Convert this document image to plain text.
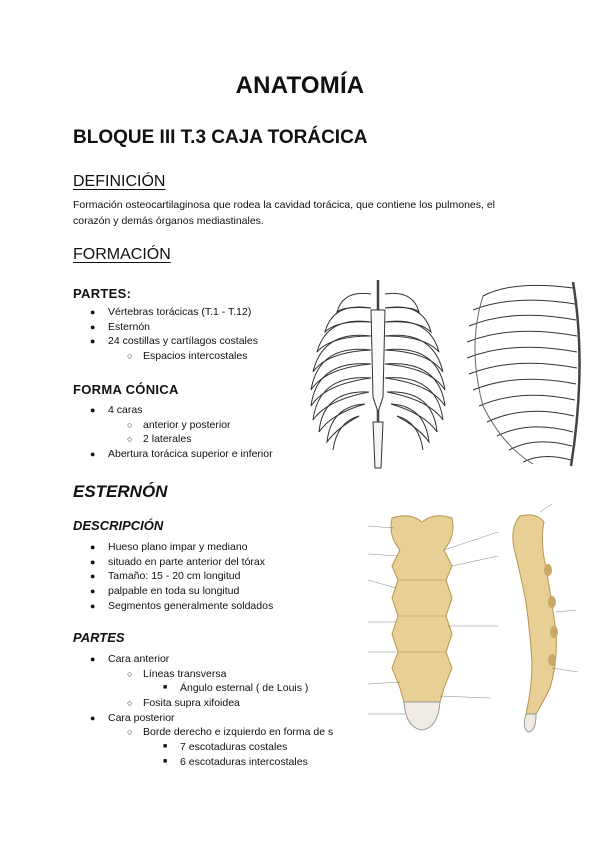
ANATOMÍA
BLOQUE III T.3 CAJA TORÁCICA
DEFINICIÓN
Formación osteocartilaginosa que rodea la cavidad torácica, que contiene los pulmones, el
corazón y demás órganos mediastinales.
FORMACIÓN
PARTES:
● Vértebras torácicas (T.1 - T.12)
● Esternón
● 24 costillas y cartílagos costales
○ Espacios intercostales
FORMA CÓNICA
● 4 caras
○ anterior y posterior
○ 2 laterales
● Abertura torácica superior e inferior
ESTERNÓN
DESCRIPCIÓN
● Hueso plano impar y mediano
● situado en parte anterior del tórax
● Tamaño: 15 - 20 cm longitud
● palpable en toda su longitud
● Segmentos generalmente soldados
PARTES
● Cara anterior
○ Líneas transversa
■ Ángulo esternal ( de Louis )
○ Fosita supra xifoidea
● Cara posterior
○ Borde derecho e izquierdo en forma de s
■ 7 escotaduras costales
■ 6 escotaduras intercostales
